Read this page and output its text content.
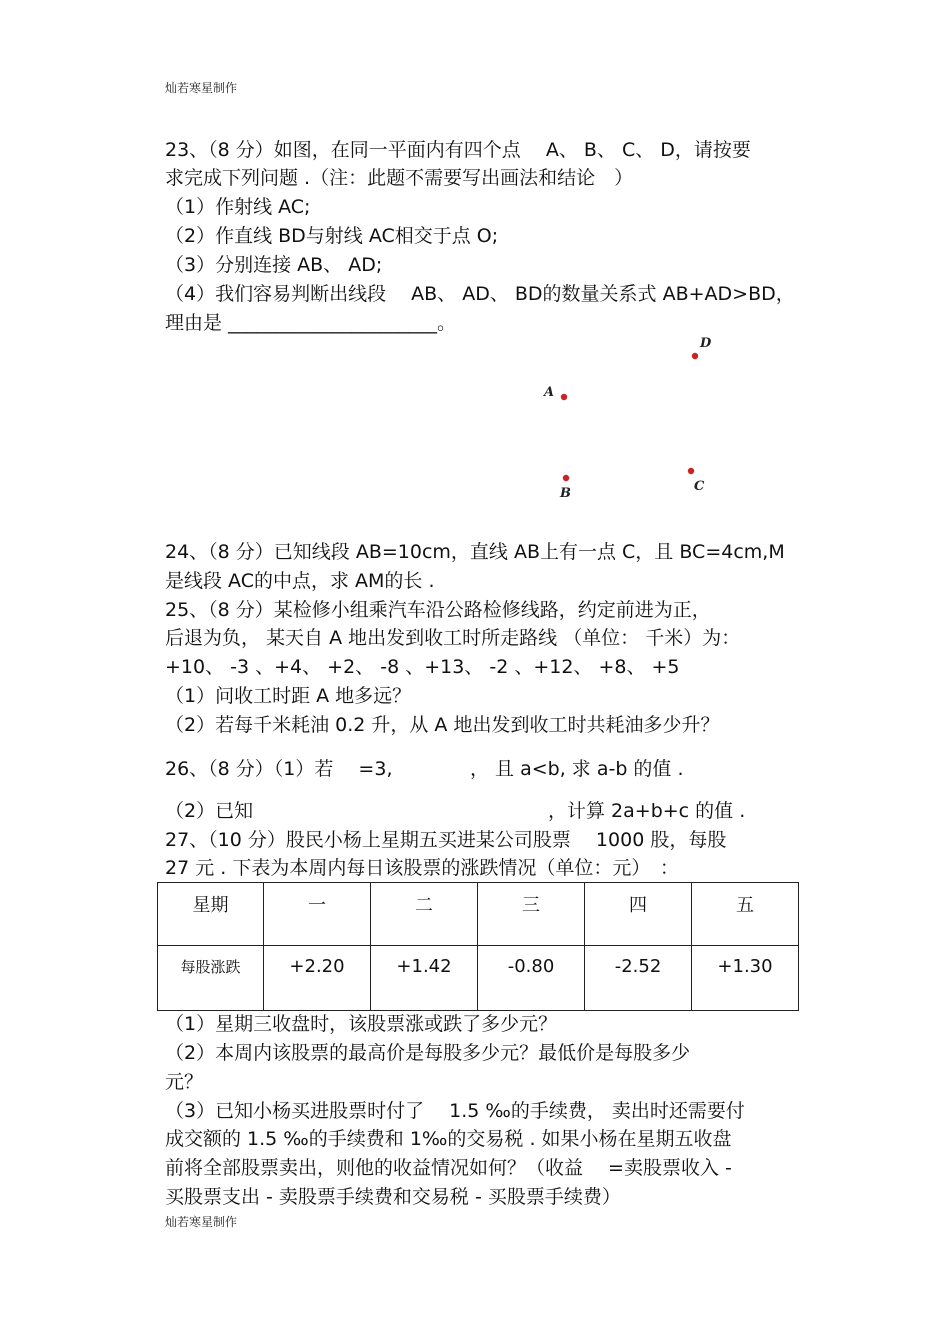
灿若寒星制作
23、（8 分）如图，在同一平面内有四个点　 A、 B、 C、 D，请按要
求完成下列问题 .（注：此题不需要写出画法和结论　）
（1）作射线 AC;
（2）作直线 BD与射线 AC相交于点 O;
（3）分别连接 AB、 AD;
（4）我们容易判断出线段　 AB、 AD、 BD的数量关系式 AB+AD>BD，
理由是 ______________________。
D
A
B	C
24、（8 分）已知线段 AB=10cm，直线 AB上有一点 C，且 BC=4cm,M
是线段 AC的中点，求 AM的长 .
25、（8 分）某检修小组乘汽车沿公路检修线路，约定前进为正，
后退为负， 某天自 A 地出发到收工时所走路线 （单位： 千米）为：
+10、 -3 、+4、 +2、 -8 、+13、 -2 、+12、 +8、 +5
（1）问收工时距 A 地多远？
（2）若每千米耗油 0.2 升，从 A 地出发到收工时共耗油多少升？
26、（8 分）（1）若　 =3,	， 且 a<b, 求 a-b 的值 .
（2）已知	，计算 2a+b+c 的值 .
27、（10 分）股民小杨上星期五买进某公司股票　 1000 股，每股
27 元 . 下表为本周内每日该股票的涨跌情况（单位：元）　：
星期	一	二	三	四	五
每股涨跌	+2.20	+1.42	-0.80	-2.52	+1.30
（1）星期三收盘时，该股票涨或跌了多少元？
（2）本周内该股票的最高价是每股多少元？最低价是每股多少
元？
（3）已知小杨买进股票时付了　 1.5 ‰的手续费， 卖出时还需要付
成交额的 1.5 ‰的手续费和 1‰的交易税 . 如果小杨在星期五收盘
前将全部股票卖出，则他的收益情况如何？（收益　 =卖股票收入 -
买股票支出 - 卖股票手续费和交易税 - 买股票手续费）
灿若寒星制作
